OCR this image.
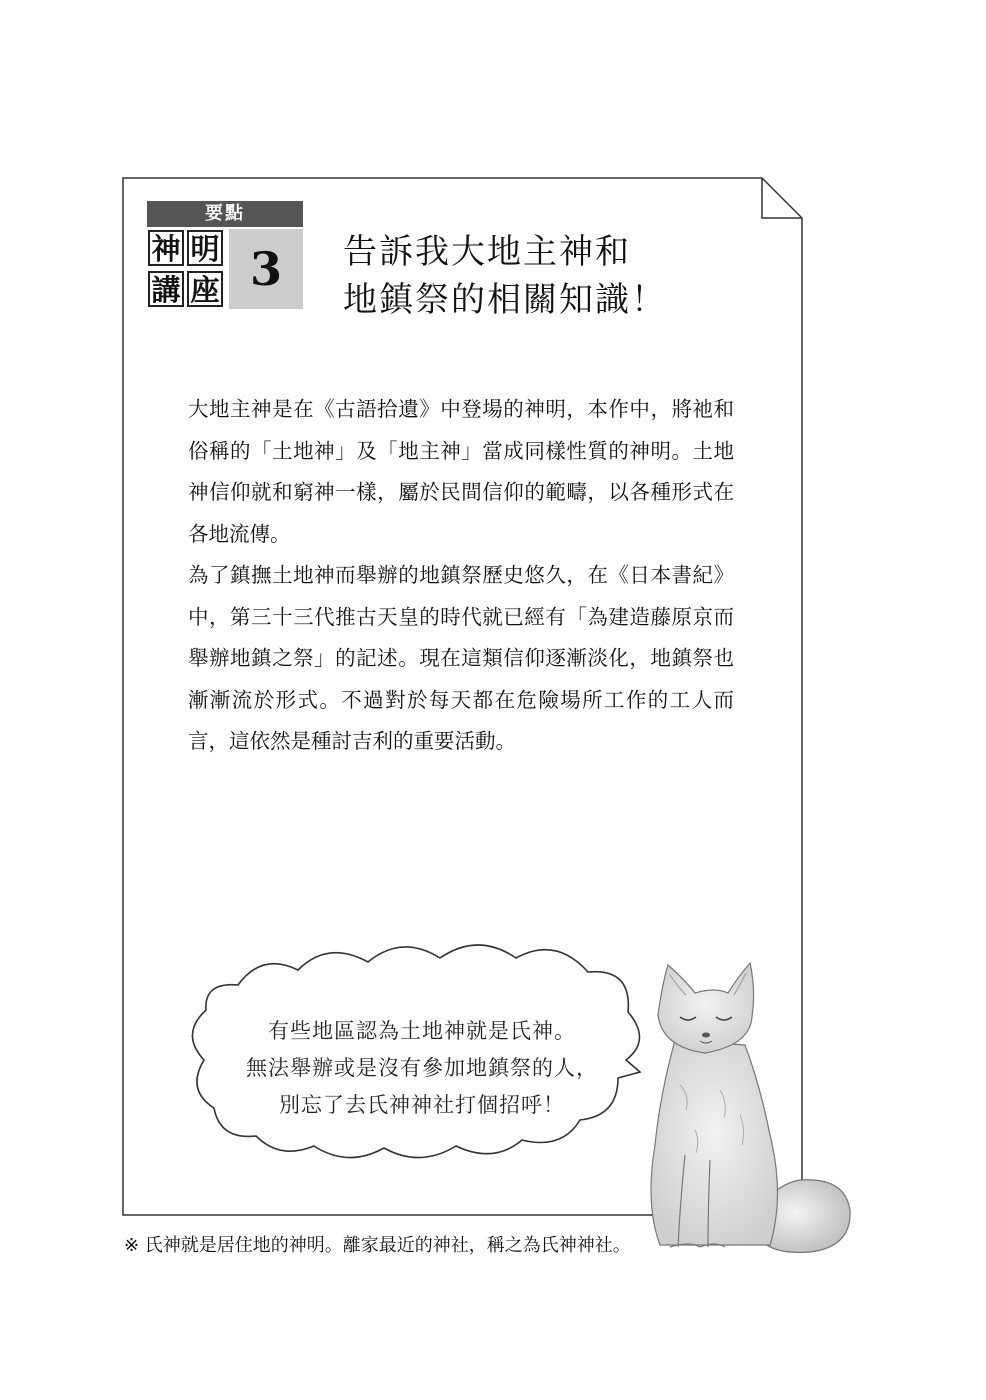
要點
神 明
講 座 3	告訴我大地主神和
地鎮祭的相關知識！

大地主神是在《古語拾遺》中登場的神明，本作中，將祂和俗稱的「土地神」及「地主神」當成同樣性質的神明。土地神信仰就和窮神一樣，屬於民間信仰的範疇，以各種形式在各地流傳。

為了鎮撫土地神而舉辦的地鎮祭歷史悠久，在《日本書紀》中，第三十三代推古天皇的時代就已經有「為建造藤原京而舉辦地鎮之祭」的記述。現在這類信仰逐漸淡化，地鎮祭也漸漸流於形式。不過對於每天都在危險場所工作的工人而言，這依然是種討吉利的重要活動。

有些地區認為土地神就是氏神。

無法舉辦或是沒有參加地鎮祭的人，

別忘了去氏神神社打個招呼！

※ 氏神就是居住地的神明。離家最近的神社，稱之為氏神神社。
